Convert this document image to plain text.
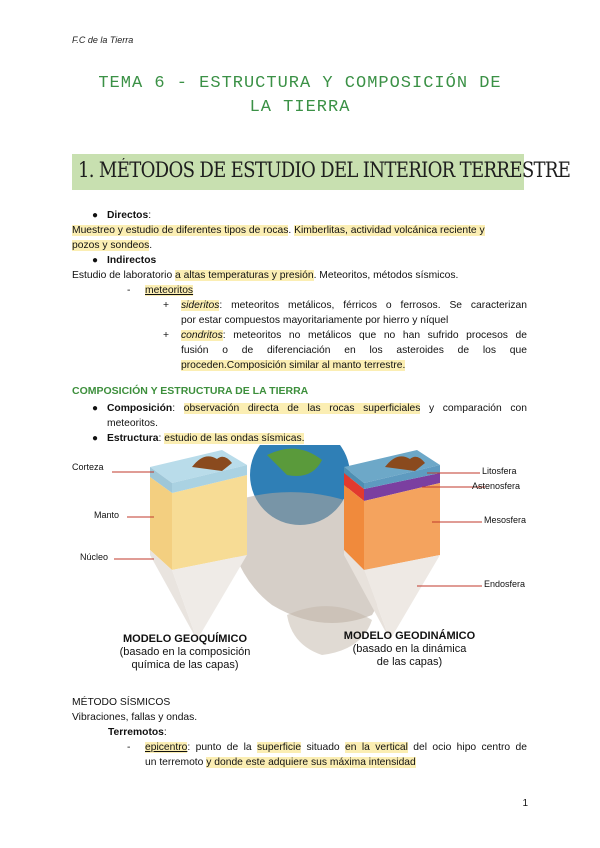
F.C de la Tierra
TEMA 6 - ESTRUCTURA Y COMPOSICIÓN DE
LA TIERRA
1. MÉTODOS DE ESTUDIO DEL INTERIOR TERRESTRE
● Directos:
Muestreo y estudio de diferentes tipos de rocas. Kimberlitas, actividad volcánica reciente y
pozos y sondeos.
● Indirectos
Estudio de laboratorio a altas temperaturas y presión. Meteoritos, métodos sísmicos.
- meteoritos
+ sideritos: meteoritos metálicos, férricos o ferrosos. Se caracterizan
por estar compuestos mayoritariamente por hierro y níquel
+ condritos: meteoritos no metálicos que no han sufrido procesos de
fusión o de diferenciación en los asteroides de los que
proceden.Composición similar al manto terrestre.
COMPOSICIÓN Y ESTRUCTURA DE LA TIERRA
● Composición: observación directa de las rocas superficiales y comparación con
meteoritos.
● Estructura: estudio de las ondas sísmicas.
Corteza
Manto
Núcleo
Litosfera
Astenosfera
Mesosfera
Endosfera
MODELO GEOQUÍMICO
(basado en la composición
química de las capas)
MODELO GEODINÁMICO
(basado en la dinámica
de las capas)
MÉTODO SÍSMICOS
Vibraciones, fallas y ondas.
Terremotos:
- epicentro: punto de la superficie situado en la vertical del ocio hipo centro de
un terremoto y donde este adquiere sus máxima intensidad
1
